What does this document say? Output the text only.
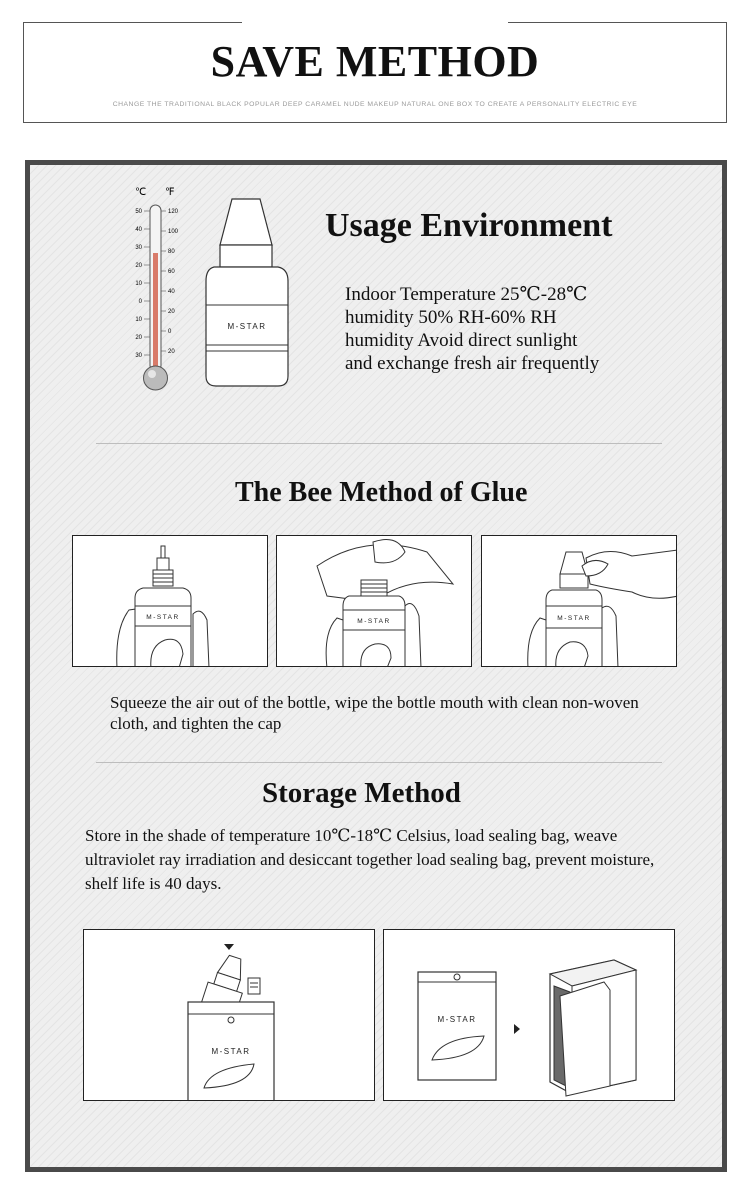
SAVE METHOD
CHANGE THE TRADITIONAL BLACK POPULAR DEEP CARAMEL NUDE MAKEUP NATURAL ONE BOX TO CREATE A PERSONALITY ELECTRIC EYE
℃ ℉
50
40
30
20
10
0
10
20
30
120
100
80
60
40
20
0
20
M-STAR
Usage Environment
Indoor Temperature 25℃-28℃
humidity 50% RH-60% RH
humidity Avoid direct sunlight
and exchange fresh air frequently
The Bee Method of Glue
M-STAR
M-STAR	M-STAR
Squeeze the air out of the bottle, wipe the bottle mouth with clean non-woven cloth, and tighten the cap
Storage Method
Store in the shade of temperature 10℃-18℃ Celsius, load sealing bag, weave ultraviolet ray irradiation and desiccant together load sealing bag, prevent moisture, shelf life is 40 days.
M-STAR
M-STAR
